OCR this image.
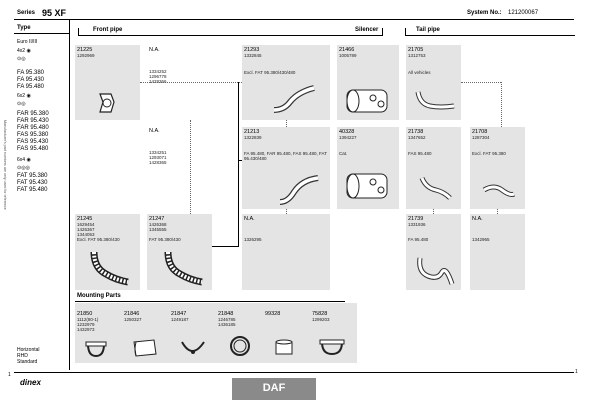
Series 95 XF	System No.: 121200067
Front pipe	Silencer	Tail pipe
Type
Euro II/III
4x2 ◉
⊙◎
FA 95.380
FA 95.430
FA 95.480
6x2 ◉
⊙◎
FAR 95.380
FAR 95.430
FAR 95.480
FAS 95.380
FAS 95.430
FAS 95.480
6x4 ◉
⊙◎◎
FAT 95.380
FAT 95.430
FAT 95.480
Manufacturer's part numbers are only used for reference
Horizontal
RHD
Standard
21225
1292969
N.A.
1334252
1296778
1428366
21293
1332845
Excl. FAT 95.380/430/480
21466
1005789
21705
1312753
All vehicles
N.A.
1334251
1293071
1428365
21213
1322839
FA 95.480, FAR 95.480, FAS 95.480, FAT 95.430/480
40328
1394227
Cat.
21738
1347652
FAS 95.480
21708
1287304
Excl. FAT 95.380
21245
1629454
1426367
1344053
Excl. FAT 95.380/430
21247
1426368
1345555
FAT 95.380/430
N.A.
1326295
21739
1331936
FA 95.480
N.A.
1342965
Mounting Parts
21850
1112(80-1)
1232979
1432973
21846
1250327
21847
1249187
21848
1246785
1436185
99328	75828
1299203
1
dinex	DAF
1
